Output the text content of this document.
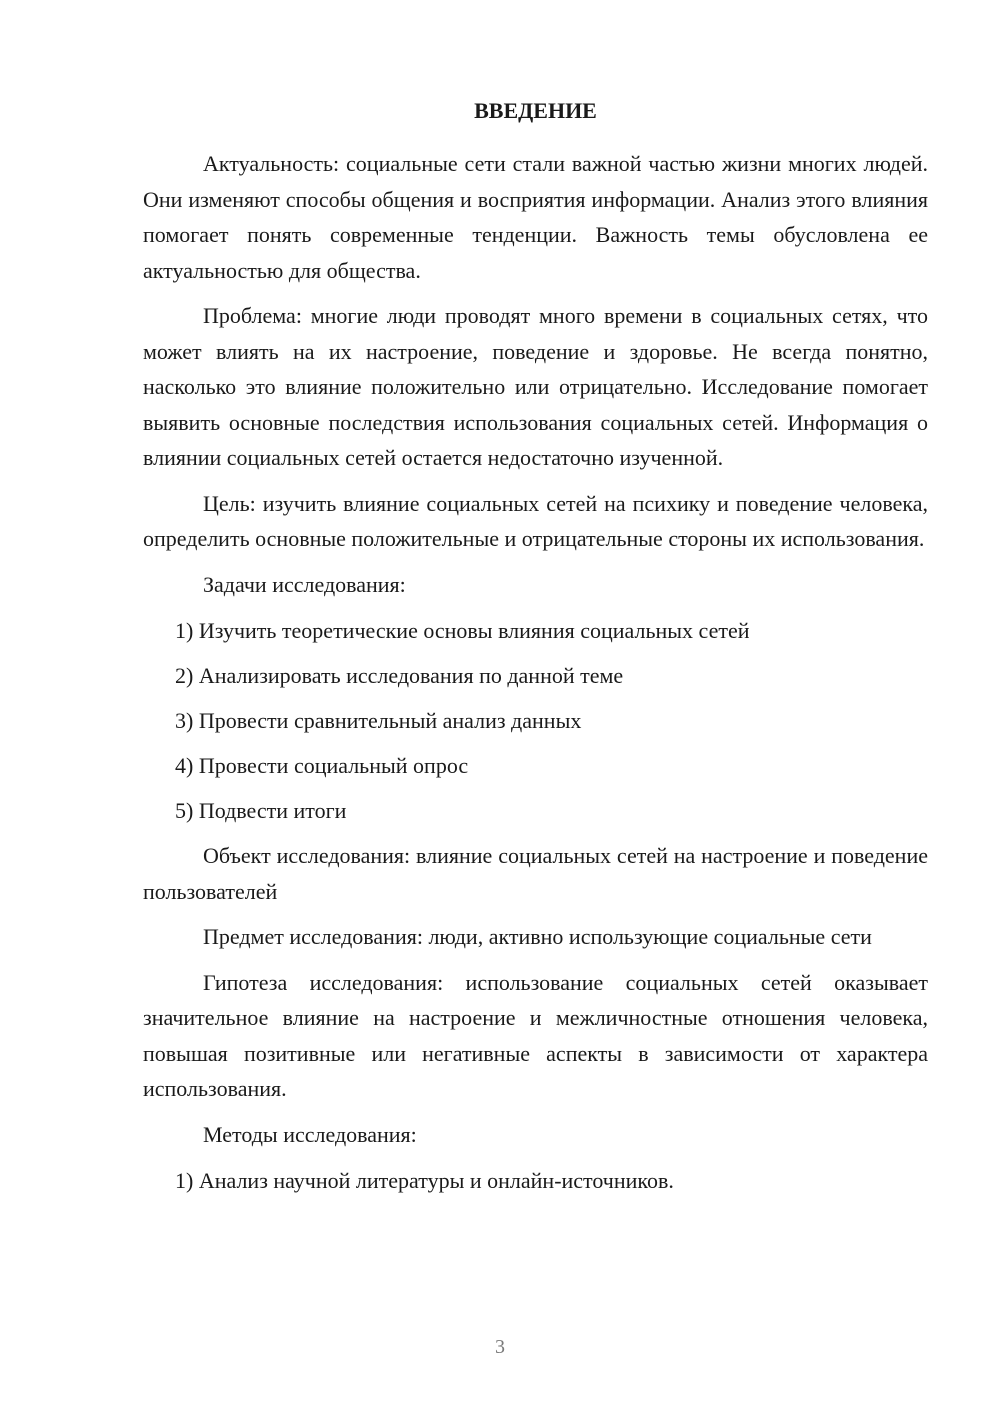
ВВЕДЕНИЕ

Актуальность: социальные сети стали важной частью жизни многих людей. Они изменяют способы общения и восприятия информации. Анализ этого влияния помогает понять современные тенденции. Важность темы обусловлена ее актуальностью для общества.

Проблема: многие люди проводят много времени в социальных сетях, что может влиять на их настроение, поведение и здоровье. Не всегда понятно, насколько это влияние положительно или отрицательно. Исследование помогает выявить основные последствия использования социальных сетей. Информация о влиянии социальных сетей остается недостаточно изученной.

Цель: изучить влияние социальных сетей на психику и поведение человека, определить основные положительные и отрицательные стороны их использования.

Задачи исследования:

1) Изучить теоретические основы влияния социальных сетей

2) Анализировать исследования по данной теме

3) Провести сравнительный анализ данных

4) Провести социальный опрос

5) Подвести итоги

Объект исследования: влияние социальных сетей на настроение и поведение пользователей

Предмет исследования: люди, активно использующие социальные сети

Гипотеза исследования: использование социальных сетей оказывает значительное влияние на настроение и межличностные отношения человека, повышая позитивные или негативные аспекты в зависимости от характера использования.

Методы исследования:

1) Анализ научной литературы и онлайн-источников.

3
